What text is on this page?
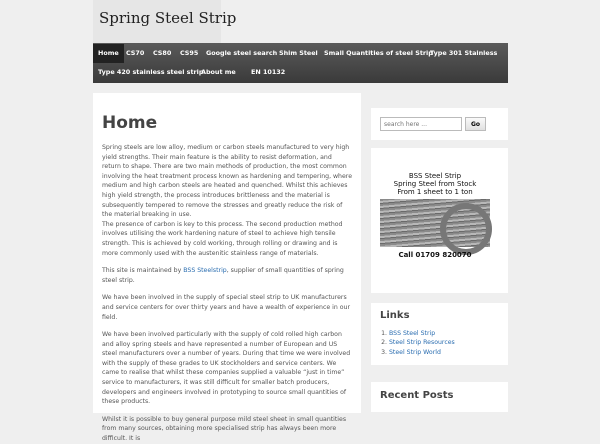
Spring Steel Strip
Home	CS70	CS80	CS95	Google steel search Shim Steel Small Quantities of steel Strip
Type 301 Stainless
Type 420 stainless steel strip
About me	EN 10132
Home

Spring steels are low alloy, medium or carbon steels manufactured to very high yield strengths. Their main feature is the ability to resist deformation, and return to shape. There are two main methods of production, the most common involving the heat treatment process known as hardening and tempering, where medium and high carbon steels are heated and quenched. Whilst this achieves high yield strength, the process introduces brittleness and the material is subsequently tempered to remove the stresses and greatly reduce the risk of the material breaking in use.

The presence of carbon is key to this process. The second production method involves utilising the work hardening nature of steel to achieve high tensile strength. This is achieved by cold working, through rolling or drawing and is more commonly used with the austenitic stainless range of materials.

This site is maintained by BSS Steelstrip, supplier of small quantities of spring steel strip.

We have been involved in the supply of special steel strip to UK manufacturers and service centers for over thirty years and have a wealth of experience in our field.

We have been involved particularly with the supply of cold rolled high carbon and alloy spring steels and have represented a number of European and US steel manufacturers over a number of years. During that time we were involved with the supply of these grades to UK stockholders and service centers. We came to realise that whilst these companies supplied a valuable “just in time” service to manufacturers, it was still difficult for smaller batch producers, developers and engineers involved in prototyping to source small quantities of these products.

Whilst it is possible to buy general purpose mild steel sheet in small quantities from many sources, obtaining more specialised strip has always been more difficult. It is

search here ...
Go
BSS Steel Strip
Spring Steel from Stock
From 1 sheet to 1 ton
Call 01709 820070
Links
1. BSS Steel Strip
2. Steel Strip Resources
3. Steel Strip World
Recent Posts
